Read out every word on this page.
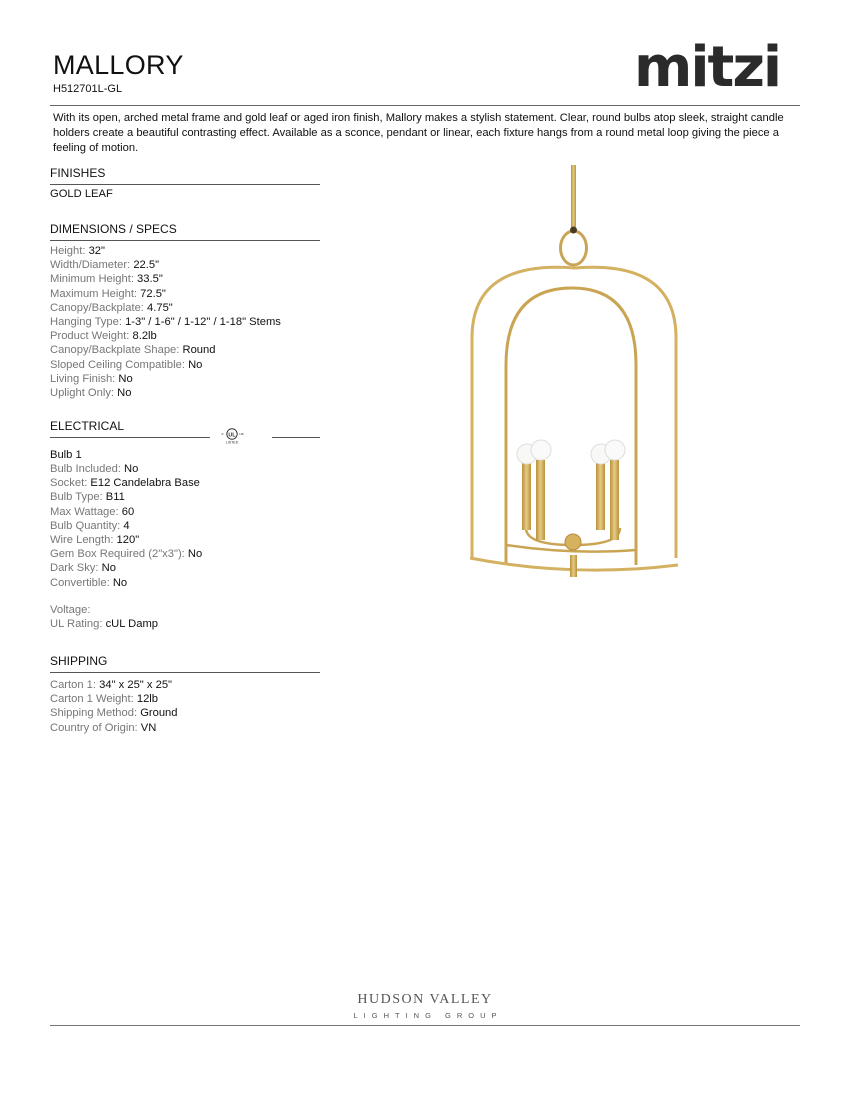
MALLORY
H512701L-GL	mitzi
With its open, arched metal frame and gold leaf or aged iron finish, Mallory makes a stylish statement. Clear, round bulbs atop sleek, straight candle holders create a beautiful contrasting effect. Available as a sconce, pendant or linear, each fixture hangs from a round metal loop giving the piece a feeling of motion.
FINISHES
GOLD LEAF
DIMENSIONS / SPECS
Height: 32"
Width/Diameter: 22.5"
Minimum Height: 33.5"
Maximum Height: 72.5"
Canopy/Backplate: 4.75"
Hanging Type: 1-3" / 1-6" / 1-12" / 1-18" Stems
Product Weight: 8.2lb
Canopy/Backplate Shape: Round
Sloped Ceiling Compatible: No
Living Finish: No
Uplight Only: No
ELECTRICAL
UL
c	us
LISTED
Bulb 1
Bulb Included: No
Socket: E12 Candelabra Base
Bulb Type: B11
Max Wattage: 60
Bulb Quantity: 4
Wire Length: 120"
Gem Box Required (2"x3"): No
Dark Sky: No
Convertible: No
Voltage:
UL Rating: cUL Damp
SHIPPING
Carton 1: 34" x 25" x 25"
Carton 1 Weight: 12lb
Shipping Method: Ground
Country of Origin: VN
HUDSON VALLEY
LIGHTING GROUP
